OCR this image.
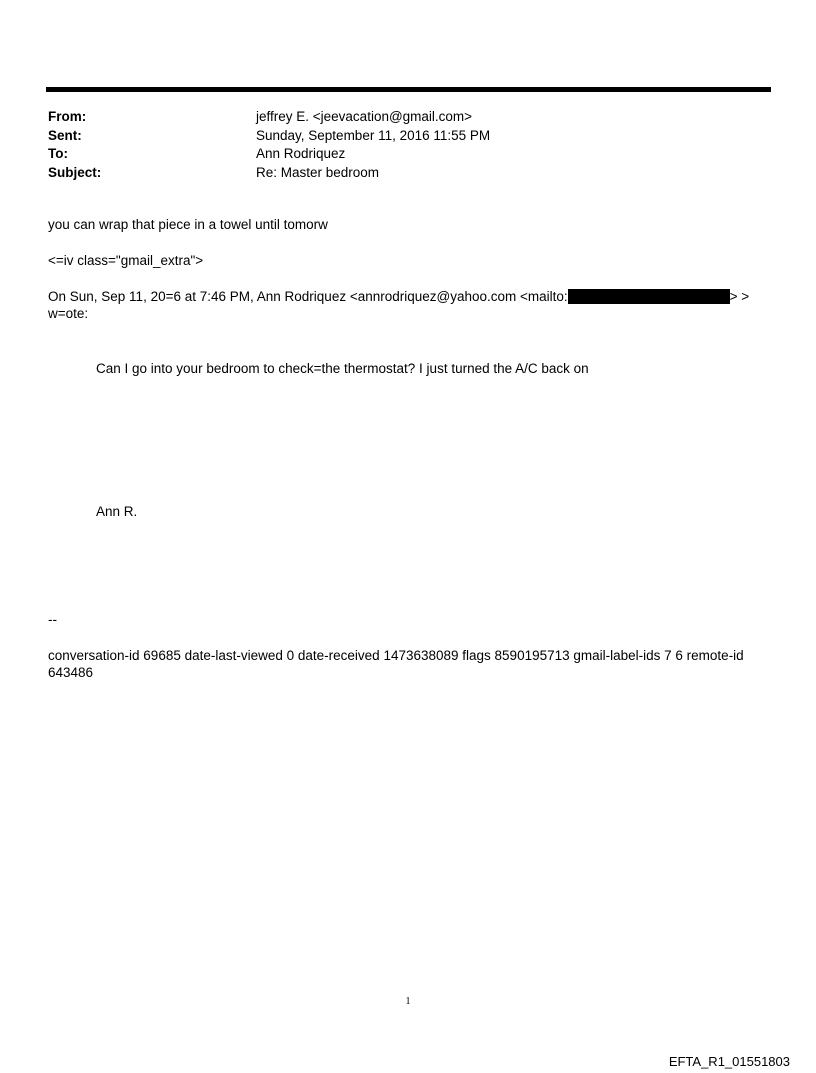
From:	jeffrey E. <jeevacation@gmail.com>
Sent:	Sunday, September 11, 2016 11:55 PM
To:	Ann Rodriquez
Subject:	Re: Master bedroom
you can wrap that piece in a towel until tomorw
<=iv class="gmail_extra">
On Sun, Sep 11, 20=6 at 7:46 PM, Ann Rodriquez <annrodriquez@yahoo.com <mailto:	> >
w=ote:
Can I go into your bedroom to check=the thermostat? I just turned the A/C back on
Ann R.
--
conversation-id 69685 date-last-viewed 0 date-received 1473638089 flags 8590195713 gmail-label-ids 7 6 remote-id
643486
1
EFTA_R1_01551803
